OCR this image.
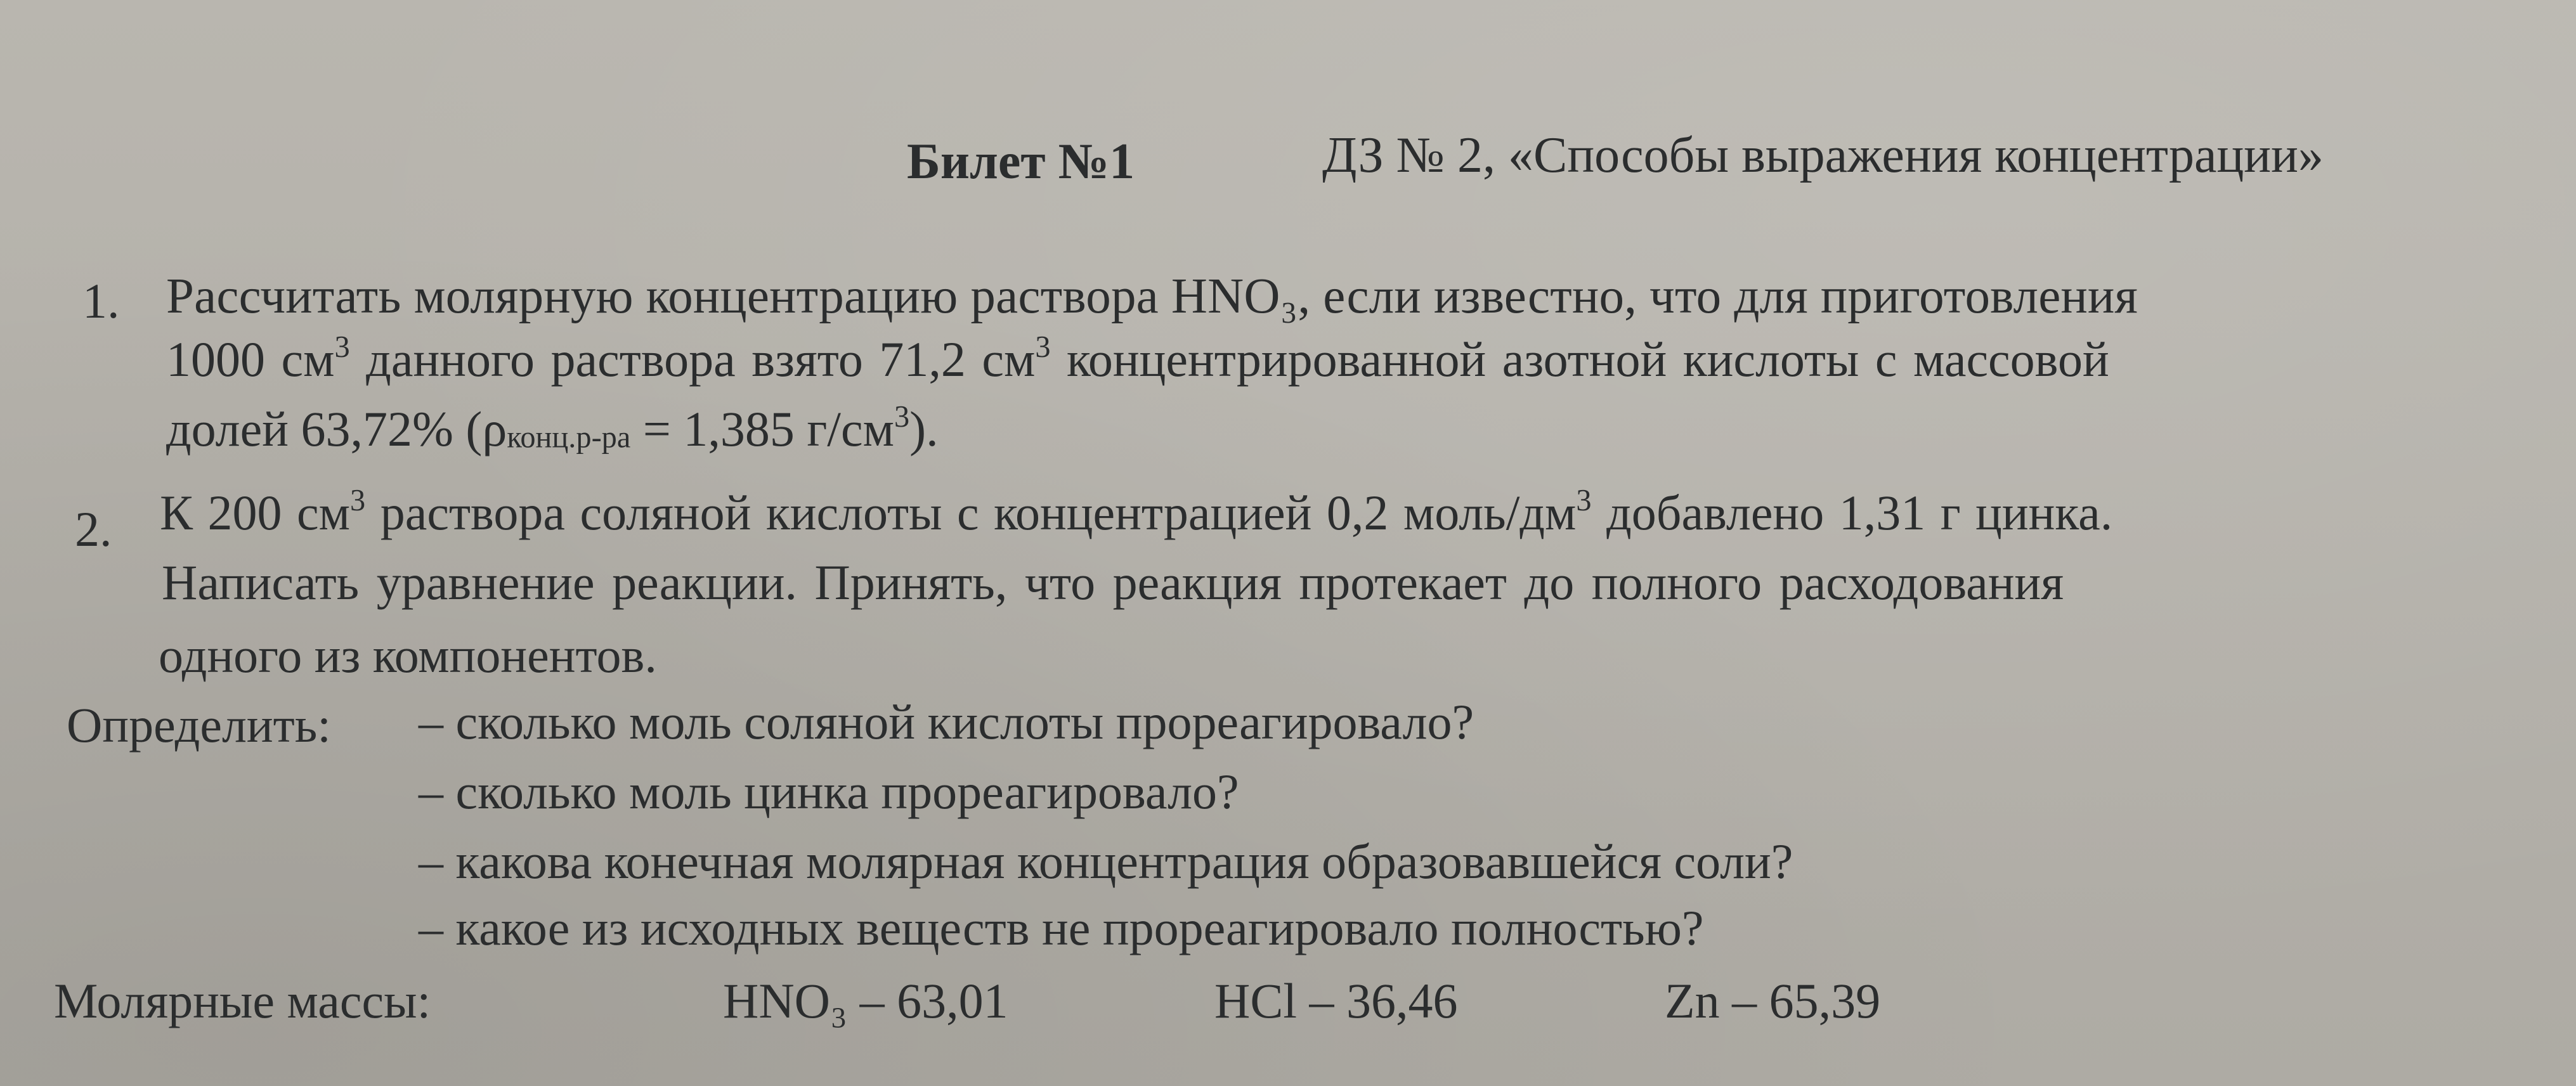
Билет №1	ДЗ № 2, «Способы выражения концентрации»
1. Рассчитать молярную концентрацию раствора HNO₃, если известно, что для приготовления
1000 $см^3$ данного раствора взято 71,2 $см^3$ концентрированной азотной кислоты с массовой
долей 63,72% (ρконц.р-ра = 1,385 $г/см^3$).
2. К 200 $см^3$ раствора соляной кислоты с концентрацией 0,2 моль/$дм^3$ добавлено 1,31 г цинка.
Написать уравнение реакции. Принять, что реакция протекает до полного расходования
одного из компонентов.
Определить: – сколько моль соляной кислоты прореагировало?
– сколько моль цинка прореагировало?
– какова конечная молярная концентрация образовавшейся соли?
– какое из исходных веществ не прореагировало полностью?
Молярные массы:	HNO₃ – 63,01	HCl – 36,46	Zn – 65,39
